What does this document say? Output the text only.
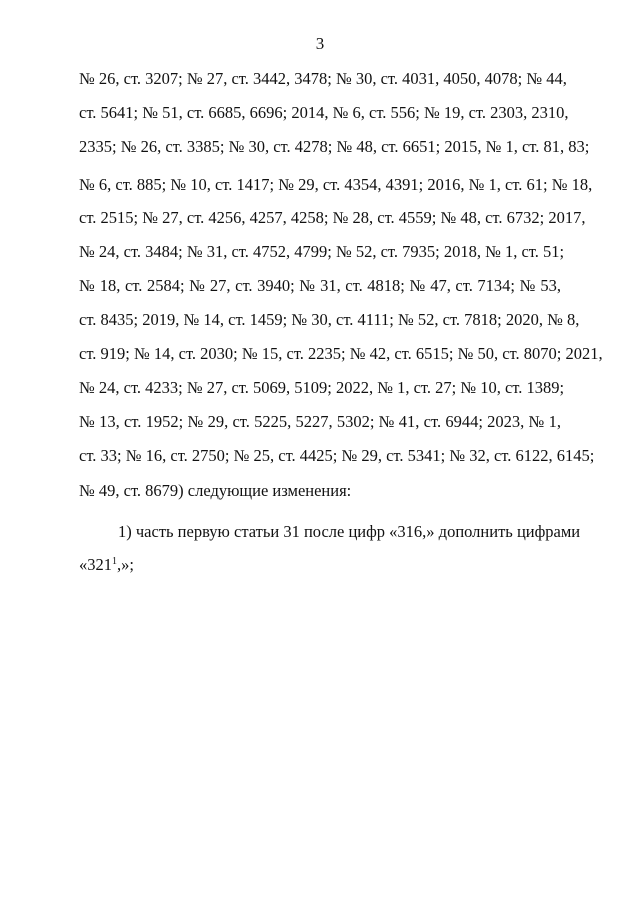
3
№ 26, ст. 3207; № 27, ст. 3442, 3478; № 30, ст. 4031, 4050, 4078; № 44,
ст. 5641; № 51, ст. 6685, 6696; 2014, № 6, ст. 556; № 19, ст. 2303, 2310,
2335; № 26, ст. 3385; № 30, ст. 4278; № 48, ст. 6651; 2015, № 1, ст. 81, 83;
№ 6, ст. 885; № 10, ст. 1417; № 29, ст. 4354, 4391; 2016, № 1, ст. 61; № 18,
ст. 2515; № 27, ст. 4256, 4257, 4258; № 28, ст. 4559; № 48, ст. 6732; 2017,
№ 24, ст. 3484; № 31, ст. 4752, 4799; № 52, ст. 7935; 2018, № 1, ст. 51;
№ 18, ст. 2584; № 27, ст. 3940; № 31, ст. 4818; № 47, ст. 7134; № 53,
ст. 8435; 2019, № 14, ст. 1459; № 30, ст. 4111; № 52, ст. 7818; 2020, № 8,
ст. 919; № 14, ст. 2030; № 15, ст. 2235; № 42, ст. 6515; № 50, ст. 8070; 2021,
№ 24, ст. 4233; № 27, ст. 5069, 5109; 2022, № 1, ст. 27; № 10, ст. 1389;
№ 13, ст. 1952; № 29, ст. 5225, 5227, 5302; № 41, ст. 6944; 2023, № 1,
ст. 33; № 16, ст. 2750; № 25, ст. 4425; № 29, ст. 5341; № 32, ст. 6122, 6145;
№ 49, ст. 8679) следующие изменения:
1) часть первую статьи 31 после цифр «316,» дополнить цифрами
«$321^1$,»;
